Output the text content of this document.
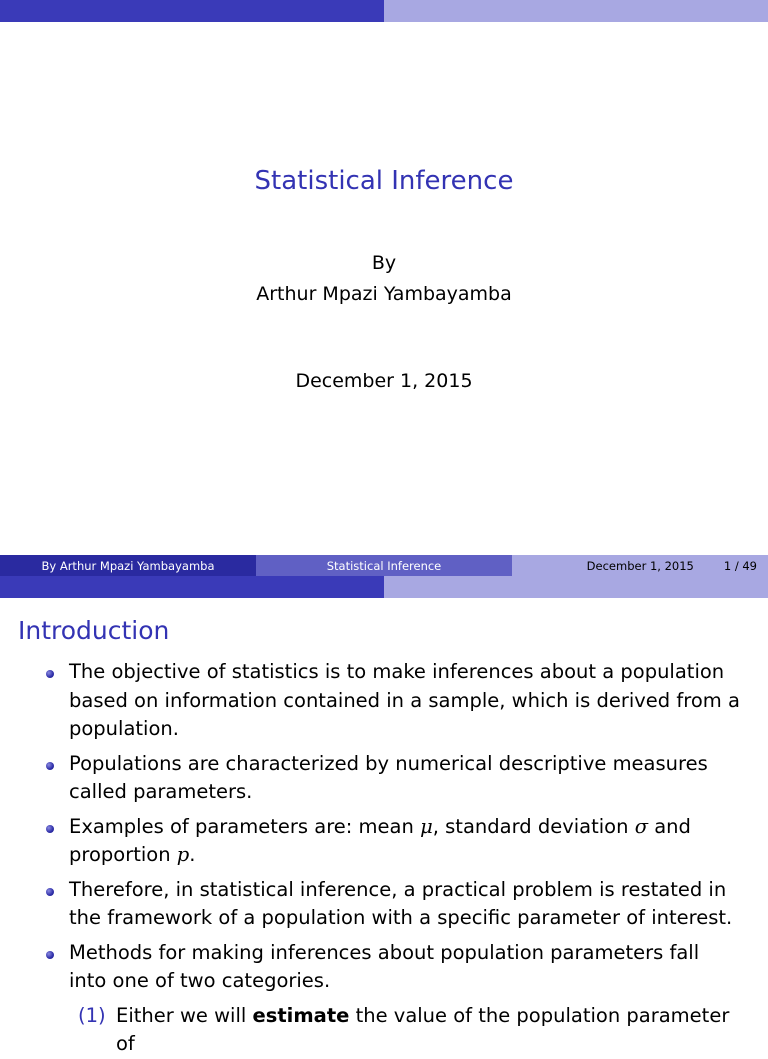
Statistical Inference
By
Arthur Mpazi Yambayamba
December 1, 2015
By Arthur Mpazi Yambayamba	Statistical Inference	December 1, 2015	1 / 49
Introduction
The objective of statistics is to make inferences about a population based on information contained in a sample, which is derived from a population.
Populations are characterized by numerical descriptive measures called parameters.
Examples of parameters are: mean μ, standard deviation σ and proportion p.
Therefore, in statistical inference, a practical problem is restated in the framework of a population with a specific parameter of interest.
Methods for making inferences about population parameters fall into one of two categories.
(1) Either we will estimate the value of the population parameter of
